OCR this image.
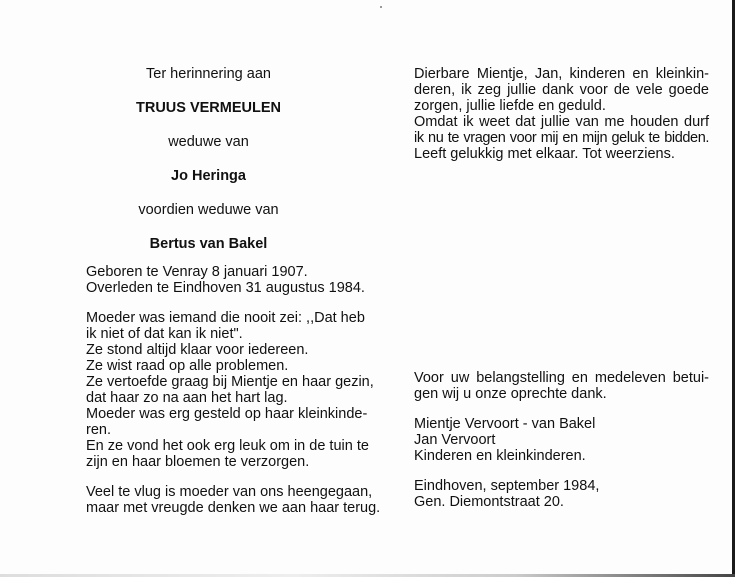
Ter herinnering aan
TRUUS VERMEULEN
weduwe van
Jo Heringa
voordien weduwe van
Bertus van Bakel
Geboren te Venray 8 januari 1907.
Overleden te Eindhoven 31 augustus 1984.
Moeder was iemand die nooit zei: ,,Dat heb
ik niet of dat kan ik niet".
Ze stond altijd klaar voor iedereen.
Ze wist raad op alle problemen.
Ze vertoefde graag bij Mientje en haar gezin,
dat haar zo na aan het hart lag.
Moeder was erg gesteld op haar kleinkinde-
ren.
En ze vond het ook erg leuk om in de tuin te
zijn en haar bloemen te verzorgen.
Veel te vlug is moeder van ons heengegaan,
maar met vreugde denken we aan haar terug.
Dierbare Mientje, Jan, kinderen en kleinkin-
deren, ik zeg jullie dank voor de vele goede
zorgen, jullie liefde en geduld.
Omdat ik weet dat jullie van me houden durf
ik nu te vragen voor mij en mijn geluk te bidden.
Leeft gelukkig met elkaar. Tot weerziens.
Voor uw belangstelling en medeleven betui-
gen wij u onze oprechte dank.
Mientje Vervoort - van Bakel
Jan Vervoort
Kinderen en kleinkinderen.
Eindhoven, september 1984,
Gen. Diemontstraat 20.
